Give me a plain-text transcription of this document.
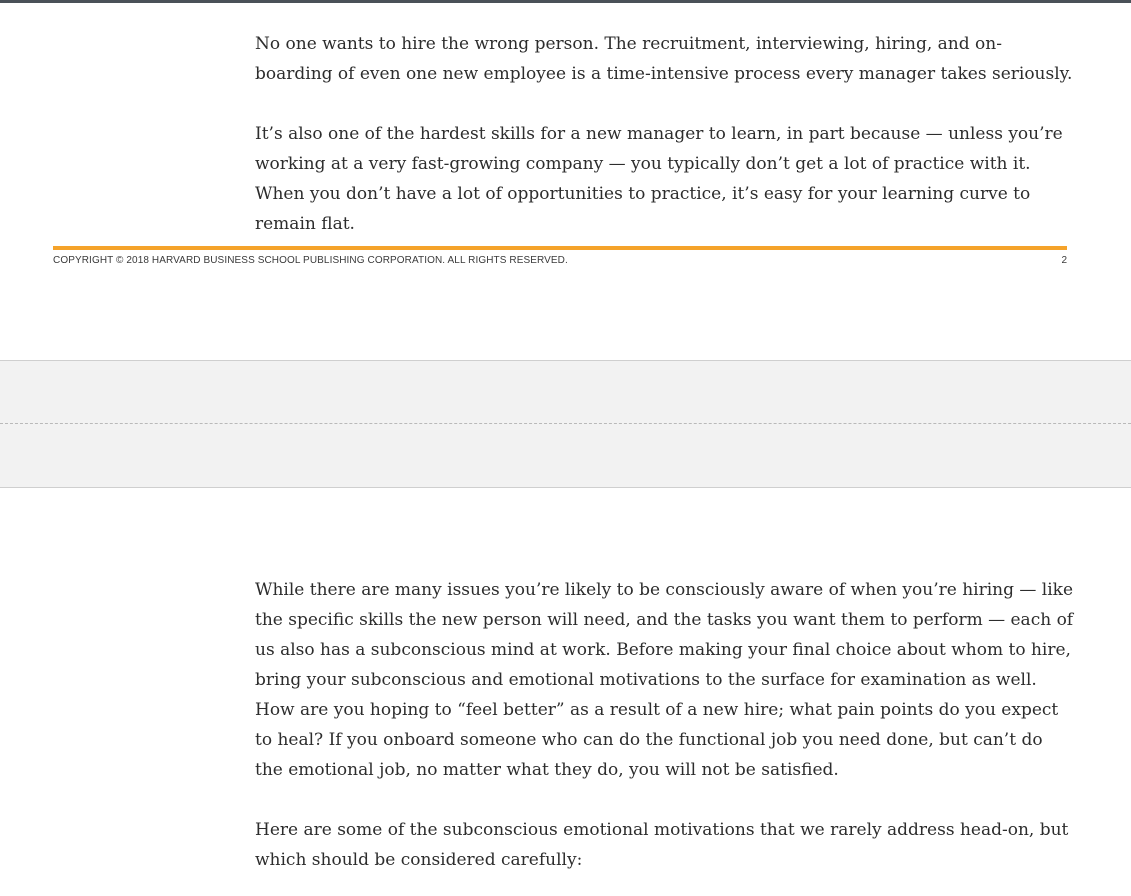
No one wants to hire the wrong person. The recruitment, interviewing, hiring, and on-boarding of even one new employee is a time-intensive process every manager takes seriously.

It’s also one of the hardest skills for a new manager to learn, in part because — unless you’re working at a very fast-growing company — you typically don’t get a lot of practice with it. When you don’t have a lot of opportunities to practice, it’s easy for your learning curve to remain flat.

COPYRIGHT © 2018 HARVARD BUSINESS SCHOOL PUBLISHING CORPORATION. ALL RIGHTS RESERVED.	2

While there are many issues you’re likely to be consciously aware of when you’re hiring — like the specific skills the new person will need, and the tasks you want them to perform — each of us also has a subconscious mind at work. Before making your final choice about whom to hire, bring your subconscious and emotional motivations to the surface for examination as well. How are you hoping to “feel better” as a result of a new hire; what pain points do you expect to heal? If you onboard someone who can do the functional job you need done, but can’t do the emotional job, no matter what they do, you will not be satisfied.

Here are some of the subconscious emotional motivations that we rarely address head-on, but which should be considered carefully:
